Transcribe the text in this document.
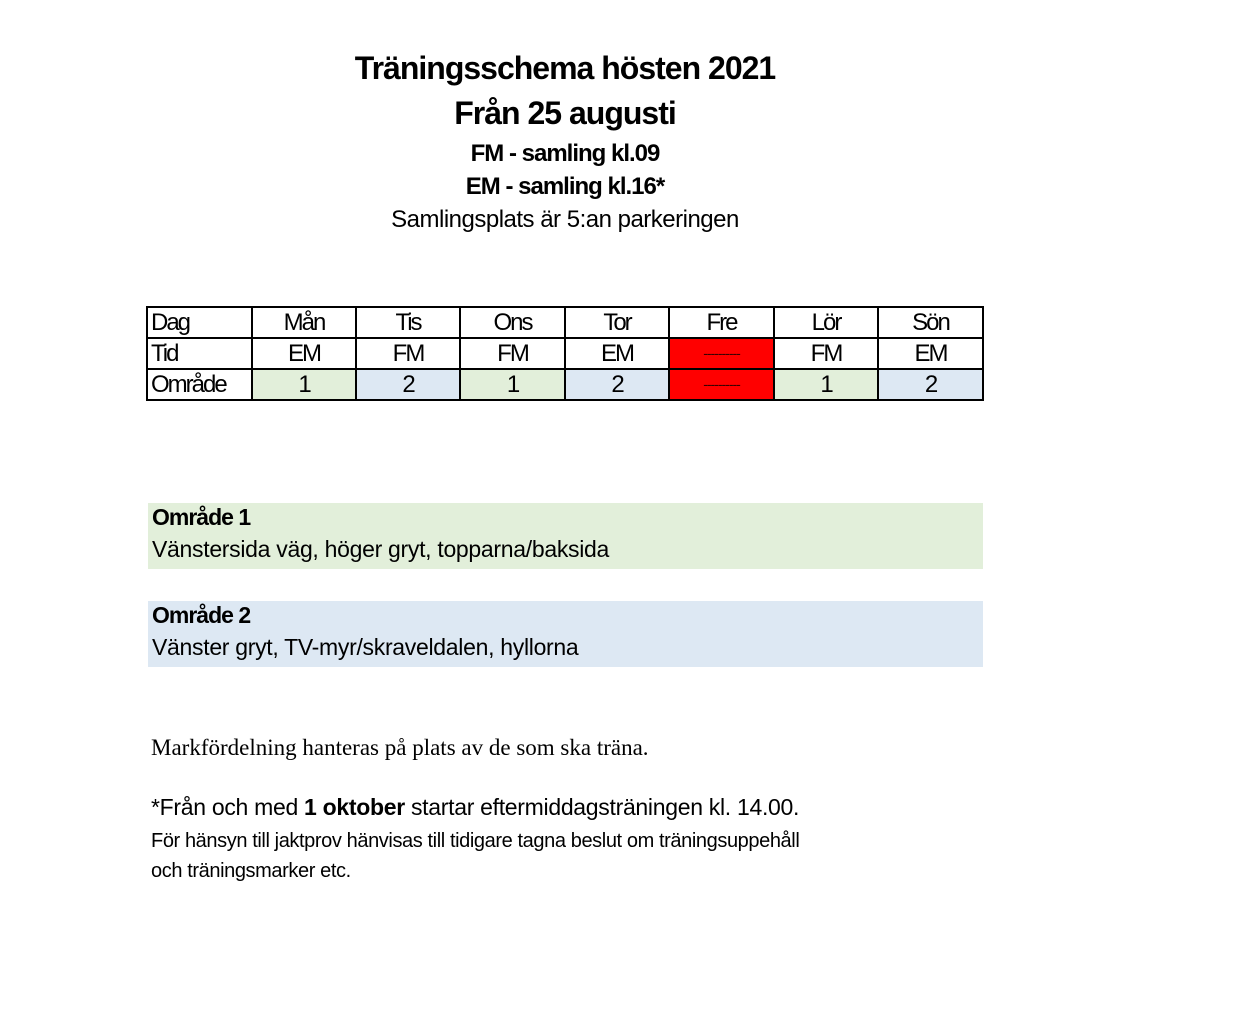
Träningsschema hösten 2021
Från 25 augusti
FM - samling kl.09
EM - samling kl.16*
Samlingsplats är 5:an parkeringen
Dag	Mån	Tis	Ons	Tor	Fre	Lör	Sön
Tid	EM	FM	FM	EM	----------	FM	EM
Område	1	2	1	2	----------	1	2
Område 1
Vänstersida väg, höger gryt, topparna/baksida
Område 2
Vänster gryt, TV-myr/skraveldalen, hyllorna
Markfördelning hanteras på plats av de som ska träna.
*Från och med 1 oktober startar eftermiddagsträningen kl. 14.00.
För hänsyn till jaktprov hänvisas till tidigare tagna beslut om träningsuppehåll
och träningsmarker etc.
